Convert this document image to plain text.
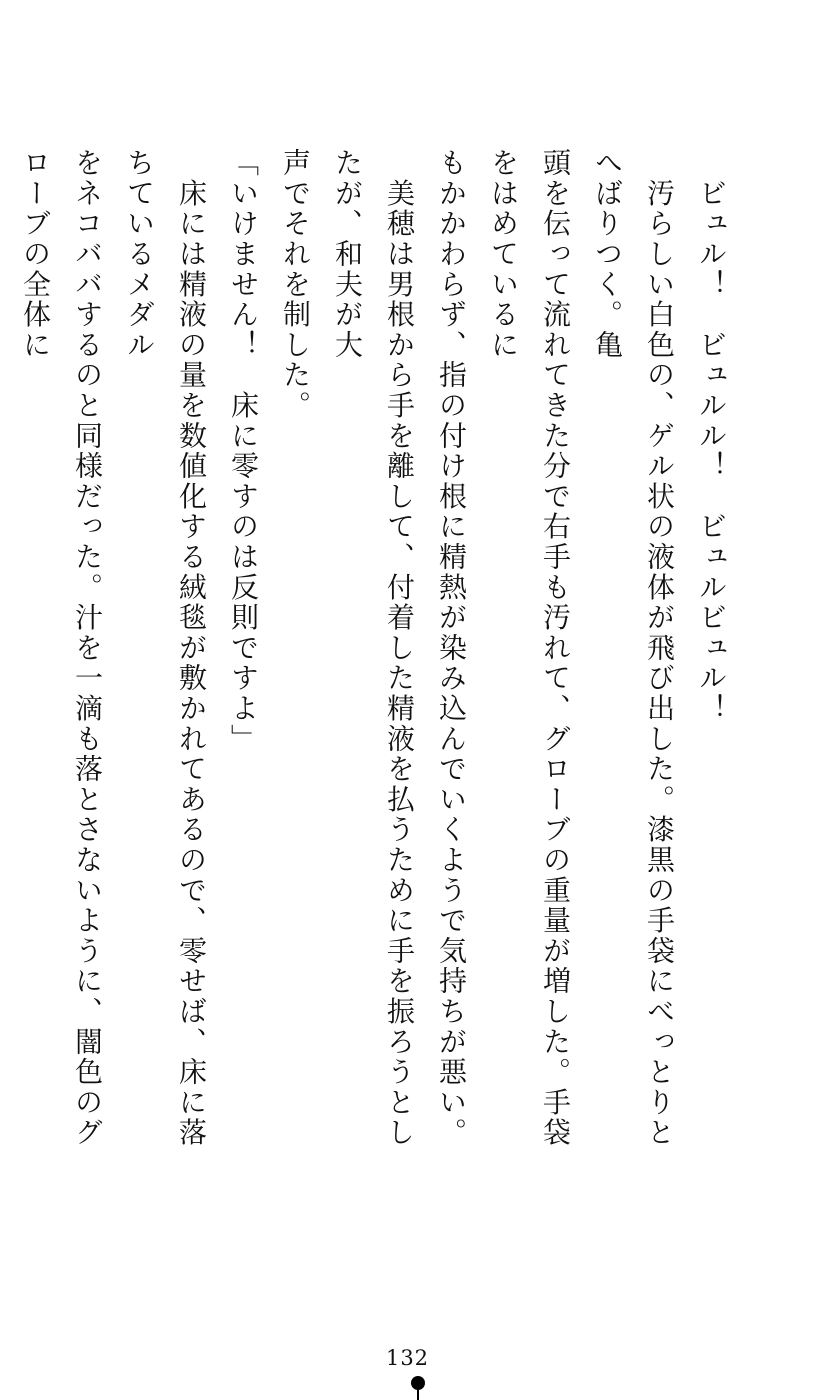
　ビュル！　ビュルル！　ビュルビュル！

　汚らしい白色の、ゲル状の液体が飛び出した。漆黒の手袋にべっとりとへばりつく。亀

頭を伝って流れてきた分で右手も汚れて、グローブの重量が増した。手袋をはめているに

もかかわらず、指の付け根に精熱が染み込んでいくようで気持ちが悪い。

　美穂は男根から手を離して、付着した精液を払うために手を振ろうとしたが、和夫が大

声でそれを制した。

「いけません！　床に零すのは反則ですよ」

　床には精液の量を数値化する絨毯が敷かれてあるので、零せば、床に落ちているメダル

をネコババするのと同様だった。汁を一滴も落とさないように、闇色のグローブの全体に

132
